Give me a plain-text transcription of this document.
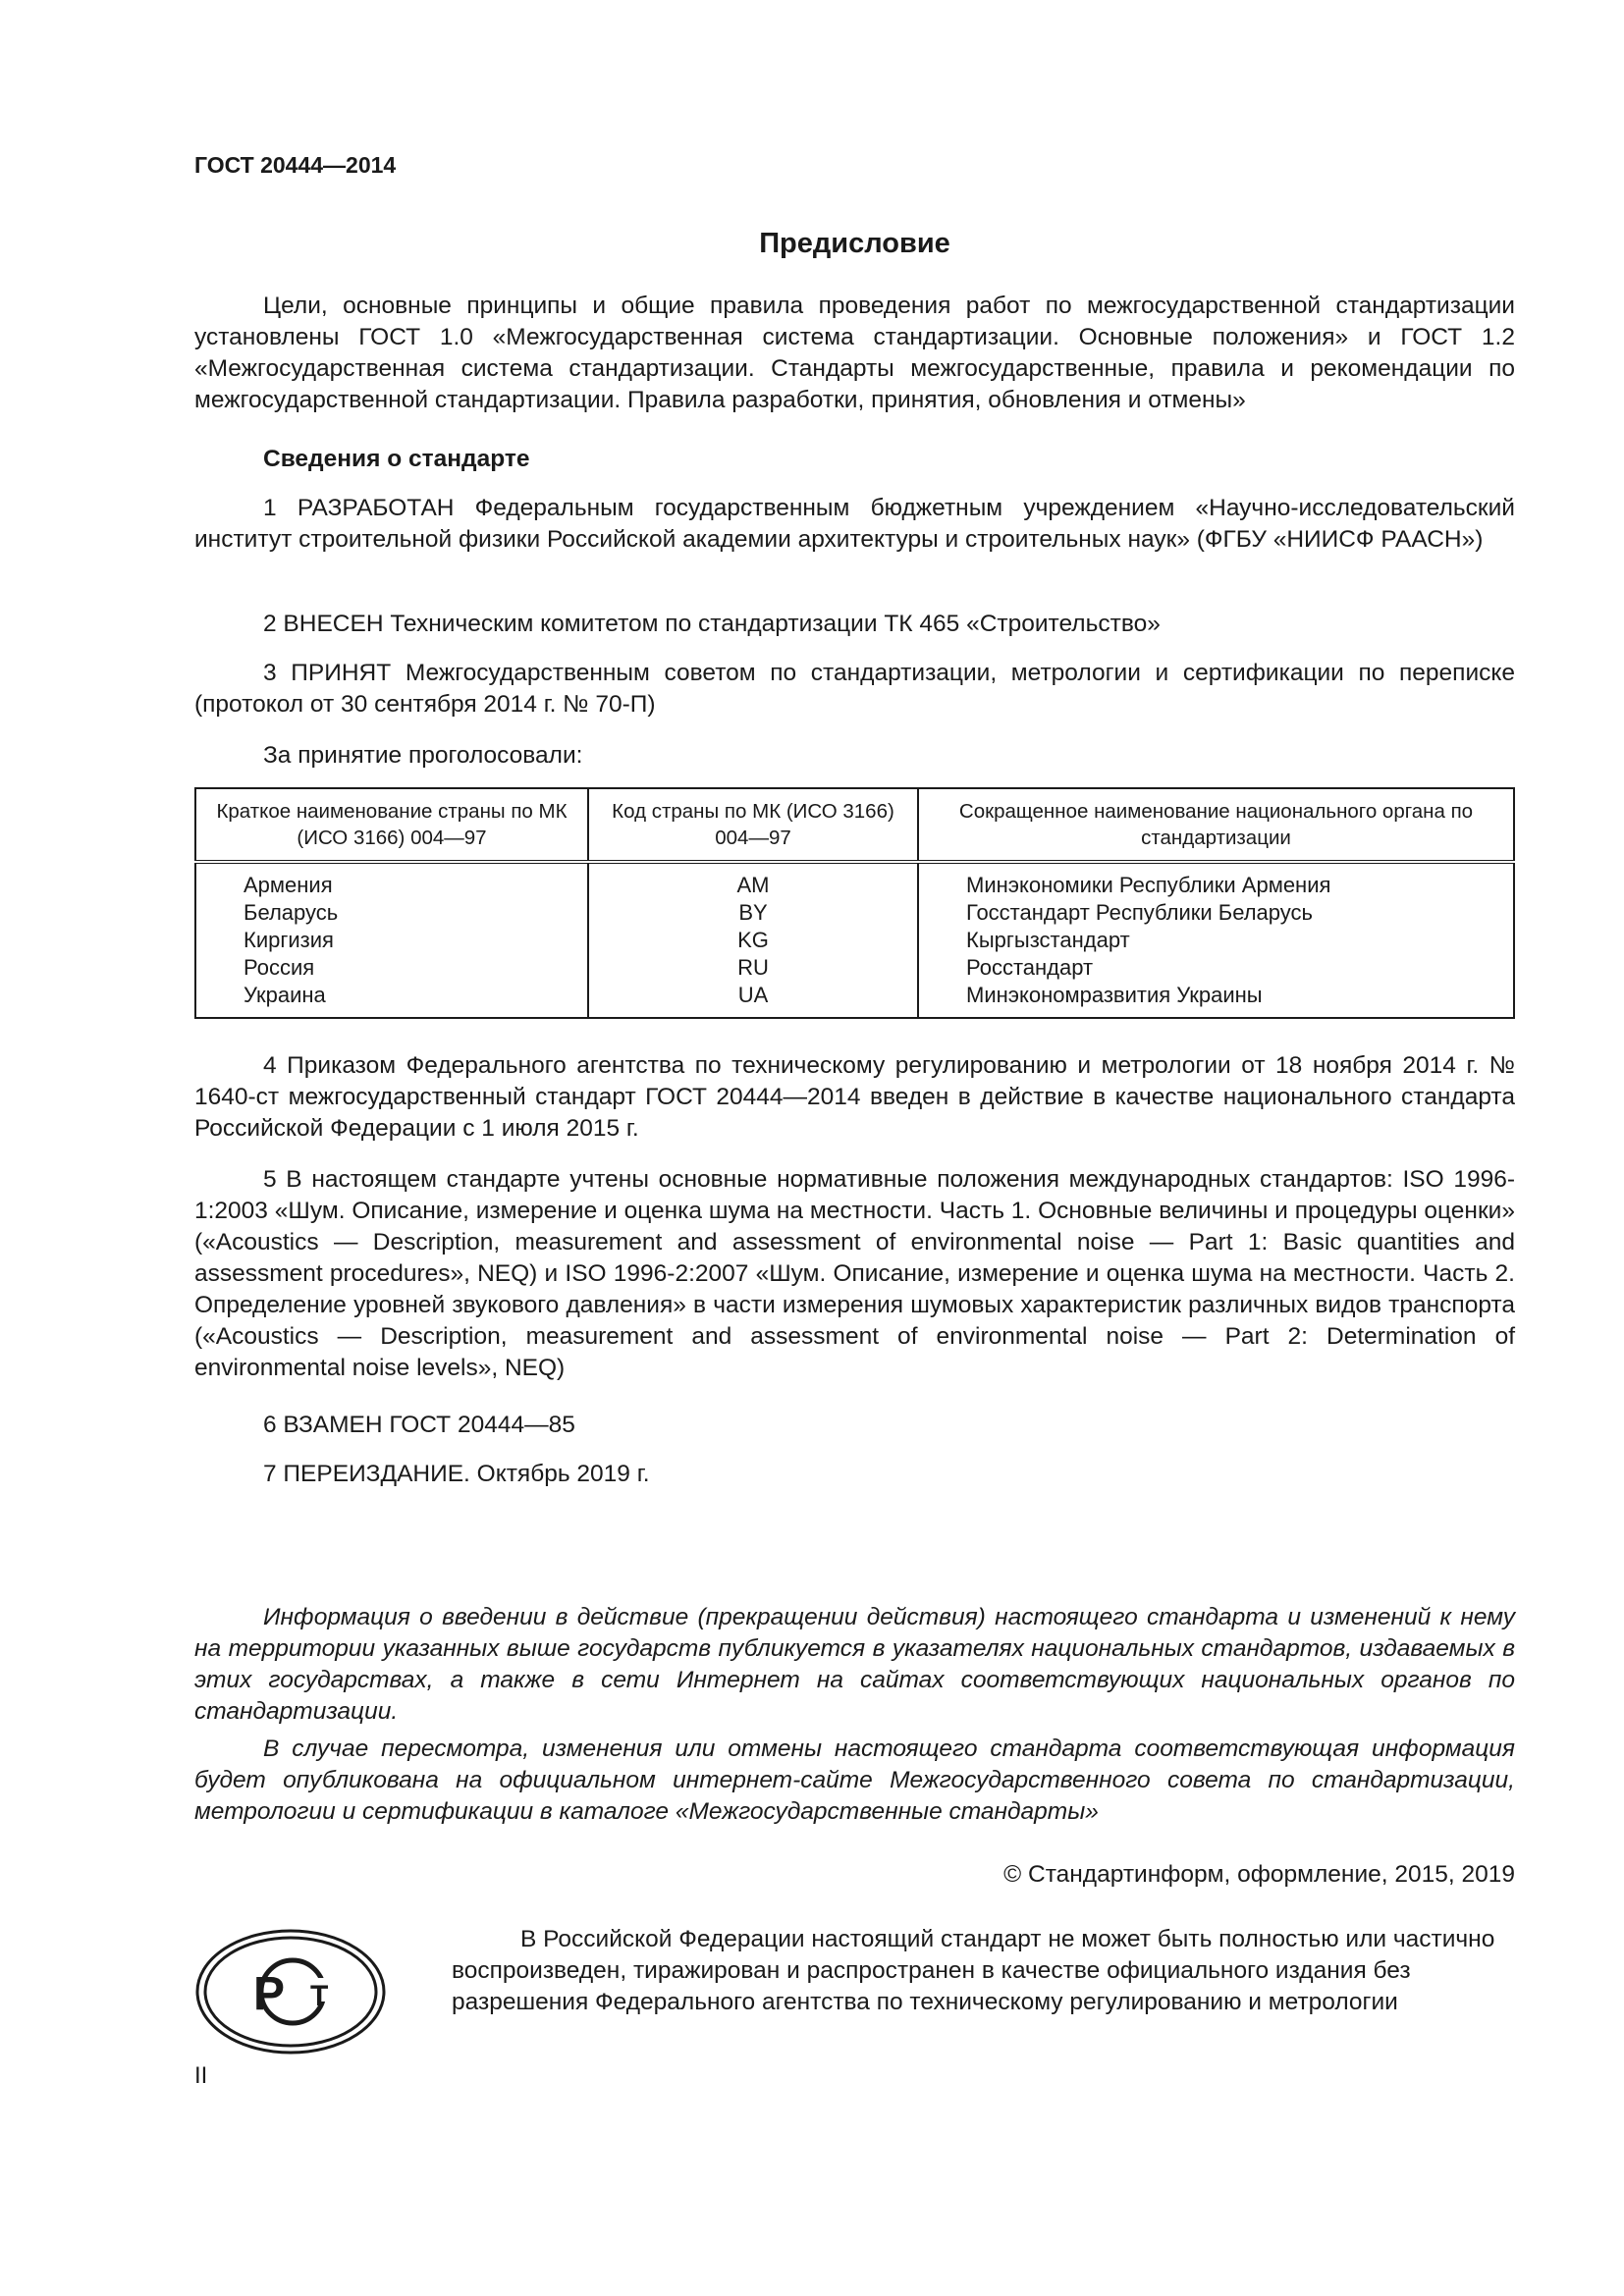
ГОСТ 20444—2014
Предисловие

Цели, основные принципы и общие правила проведения работ по межгосударственной стандартизации установлены ГОСТ 1.0 «Межгосударственная система стандартизации. Основные положения» и ГОСТ 1.2 «Межгосударственная система стандартизации. Стандарты межгосударственные, правила и рекомендации по межгосударственной стандартизации. Правила разработки, принятия, обновления и отмены»

Сведения о стандарте

1 РАЗРАБОТАН Федеральным государственным бюджетным учреждением «Научно-исследовательский институт строительной физики Российской академии архитектуры и строительных наук» (ФГБУ «НИИСФ РААСН»)

2 ВНЕСЕН Техническим комитетом по стандартизации ТК 465 «Строительство»

3 ПРИНЯТ Межгосударственным советом по стандартизации, метрологии и сертификации по переписке (протокол от 30 сентября 2014 г. № 70-П)

За принятие проголосовали:

Краткое наименование страны по МК (ИСО 3166) 004—97	Код страны по МК (ИСО 3166) 004—97	Сокращенное наименование национального органа по стандартизации
Армения	AM	Минэкономики Республики Армения
Беларусь	BY	Госстандарт Республики Беларусь
Киргизия	KG	Кыргызстандарт
Россия	RU	Росстандарт
Украина	UA	Минэкономразвития Украины

4 Приказом Федерального агентства по техническому регулированию и метрологии от 18 ноября 2014 г. № 1640-ст межгосударственный стандарт ГОСТ 20444—2014 введен в действие в качестве национального стандарта Российской Федерации с 1 июля 2015 г.

5 В настоящем стандарте учтены основные нормативные положения международных стандартов: ISO 1996-1:2003 «Шум. Описание, измерение и оценка шума на местности. Часть 1. Основные величины и процедуры оценки» («Acoustics — Description, measurement and assessment of environmental noise — Part 1: Basic quantities and assessment procedures», NEQ) и ISO 1996-2:2007 «Шум. Описание, измерение и оценка шума на местности. Часть 2. Определение уровней звукового давления» в части измерения шумовых характеристик различных видов транспорта («Acoustics — Description, measurement and assessment of environmental noise — Part 2: Determination of environmental noise levels», NEQ)

6 ВЗАМЕН ГОСТ 20444—85

7 ПЕРЕИЗДАНИЕ. Октябрь 2019 г.

Информация о введении в действие (прекращении действия) настоящего стандарта и изменений к нему на территории указанных выше государств публикуется в указателях национальных стандартов, издаваемых в этих государствах, а также в сети Интернет на сайтах соответствующих национальных органов по стандартизации.

В случае пересмотра, изменения или отмены настоящего стандарта соответствующая информация будет опубликована на официальном интернет-сайте Межгосударственного совета по стандартизации, метрологии и сертификации в каталоге «Межгосударственные стандарты»

© Стандартинформ, оформление, 2015, 2019
Р Т

В Российской Федерации настоящий стандарт не может быть полностью или частично воспроизведен, тиражирован и распространен в качестве официального издания без разрешения Федерального агентства по техническому регулированию и метрологии

II
